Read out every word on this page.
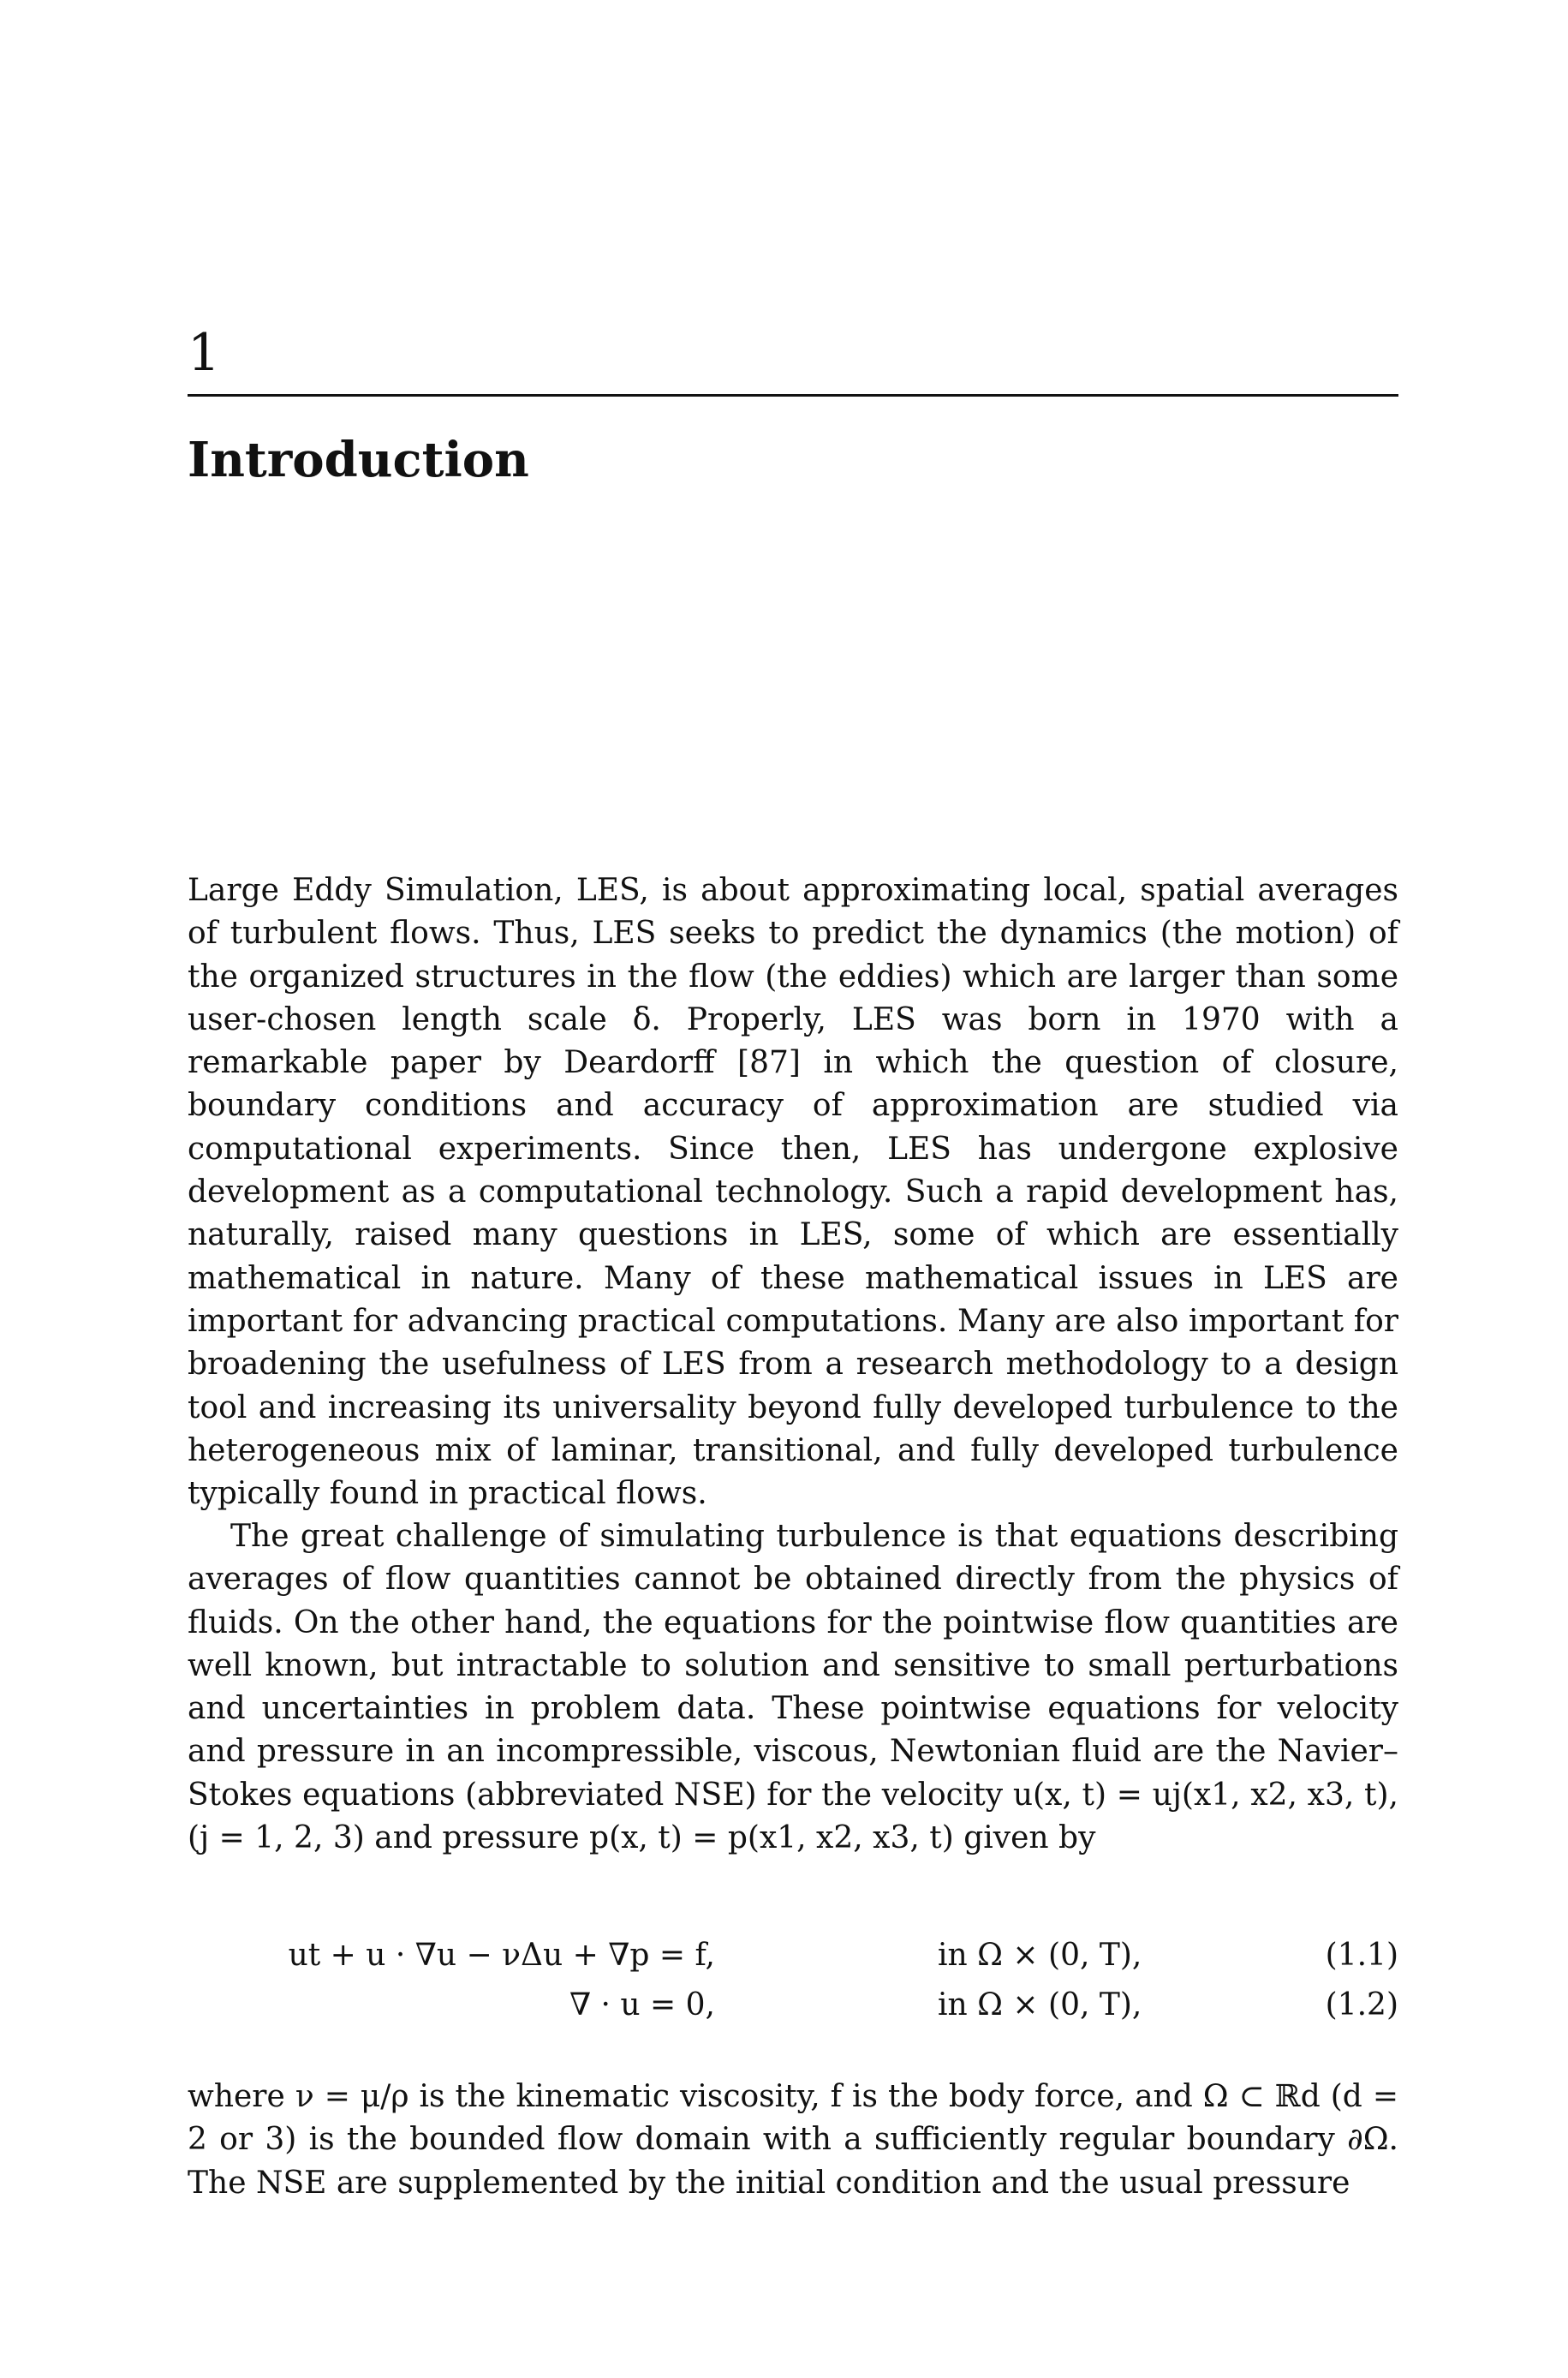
1
Introduction

Large Eddy Simulation, LES, is about approximating local, spatial averages of turbulent flows. Thus, LES seeks to predict the dynamics (the motion) of the organized structures in the flow (the eddies) which are larger than some user-chosen length scale δ. Properly, LES was born in 1970 with a remarkable paper by Deardorff [87] in which the question of closure, boundary conditions and accuracy of approximation are studied via computational experiments. Since then, LES has undergone explosive development as a computational technology. Such a rapid development has, naturally, raised many questions in LES, some of which are essentially mathematical in nature. Many of these mathematical issues in LES are important for advancing practical computations. Many are also important for broadening the usefulness of LES from a research methodology to a design tool and increasing its universality beyond fully developed turbulence to the heterogeneous mix of laminar, transitional, and fully developed turbulence typically found in practical flows.

The great challenge of simulating turbulence is that equations describing averages of flow quantities cannot be obtained directly from the physics of fluids. On the other hand, the equations for the pointwise flow quantities are well known, but intractable to solution and sensitive to small perturbations and uncertainties in problem data. These pointwise equations for velocity and pressure in an incompressible, viscous, Newtonian fluid are the Navier–Stokes equations (abbreviated NSE) for the velocity u(x, t) = uj(x1, x2, x3, t), (j = 1, 2, 3) and pressure p(x, t) = p(x1, x2, x3, t) given by

ut + u · ∇u − νΔu + ∇p = f,	in Ω × (0, T),	(1.1)
∇ · u = 0,	in Ω × (0, T),	(1.2)

where ν = μ/ρ is the kinematic viscosity, f is the body force, and Ω ⊂ ℝd (d = 2 or 3) is the bounded flow domain with a sufficiently regular boundary ∂Ω. The NSE are supplemented by the initial condition and the usual pressure
